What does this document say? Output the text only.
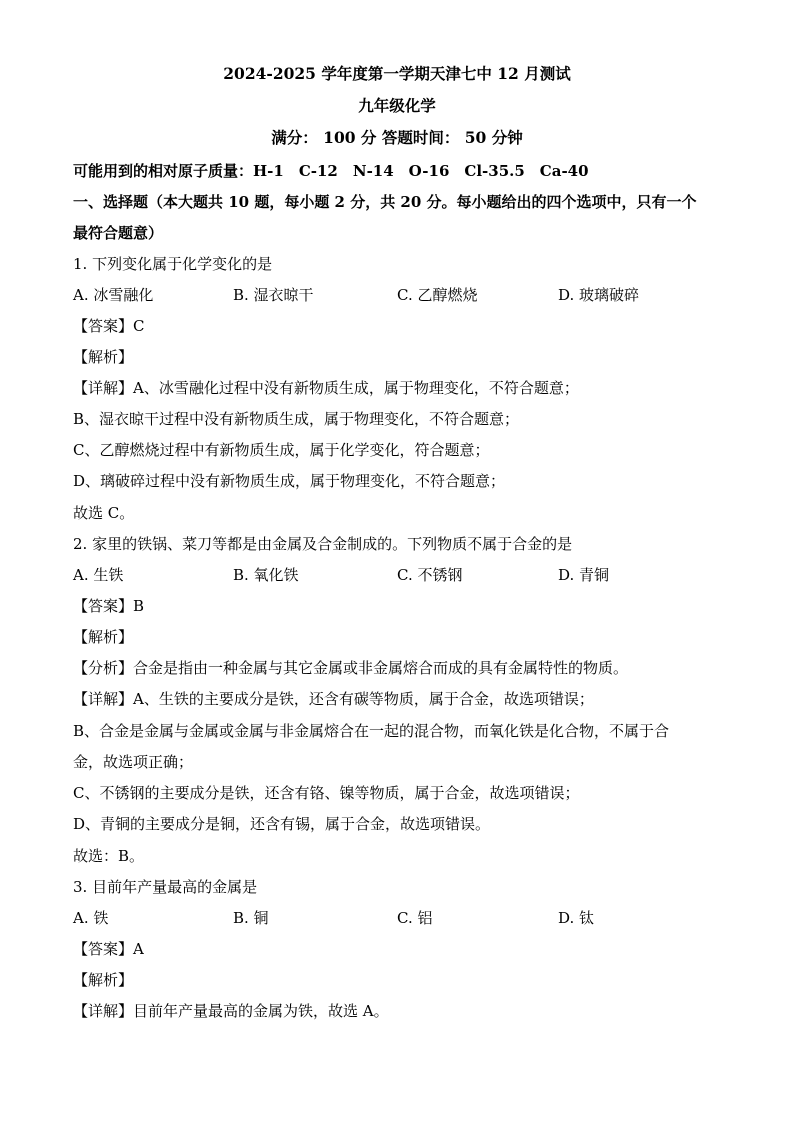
2024-2025 学年度第一学期天津七中 12 月测试
九年级化学
满分： 100 分 答题时间： 50 分钟
可能用到的相对原子质量：H-1　C-12　N-14　O-16　Cl-35.5　Ca-40
一、选择题（本大题共 10 题，每小题 2 分，共 20 分。每小题给出的四个选项中，只有一个
最符合题意）
1. 下列变化属于化学变化的是
A. 冰雪融化	B. 湿衣晾干	C. 乙醇燃烧	D. 玻璃破碎
【答案】C
【解析】
【详解】A、冰雪融化过程中没有新物质生成，属于物理变化，不符合题意；
B、湿衣晾干过程中没有新物质生成，属于物理变化，不符合题意；
C、乙醇燃烧过程中有新物质生成，属于化学变化，符合题意；
D、璃破碎过程中没有新物质生成，属于物理变化，不符合题意；
故选 C。
2. 家里的铁锅、菜刀等都是由金属及合金制成的。下列物质不属于合金的是
A. 生铁	B. 氧化铁	C. 不锈钢	D. 青铜
【答案】B
【解析】
【分析】合金是指由一种金属与其它金属或非金属熔合而成的具有金属特性的物质。
【详解】A、生铁的主要成分是铁，还含有碳等物质，属于合金，故选项错误；
B、合金是金属与金属或金属与非金属熔合在一起的混合物，而氧化铁是化合物，不属于合
金，故选项正确；
C、不锈钢的主要成分是铁，还含有铬、镍等物质，属于合金，故选项错误；
D、青铜的主要成分是铜，还含有锡，属于合金，故选项错误。
故选：B。
3. 目前年产量最高的金属是
A. 铁	B. 铜	C. 铝	D. 钛
【答案】A
【解析】
【详解】目前年产量最高的金属为铁，故选 A。
